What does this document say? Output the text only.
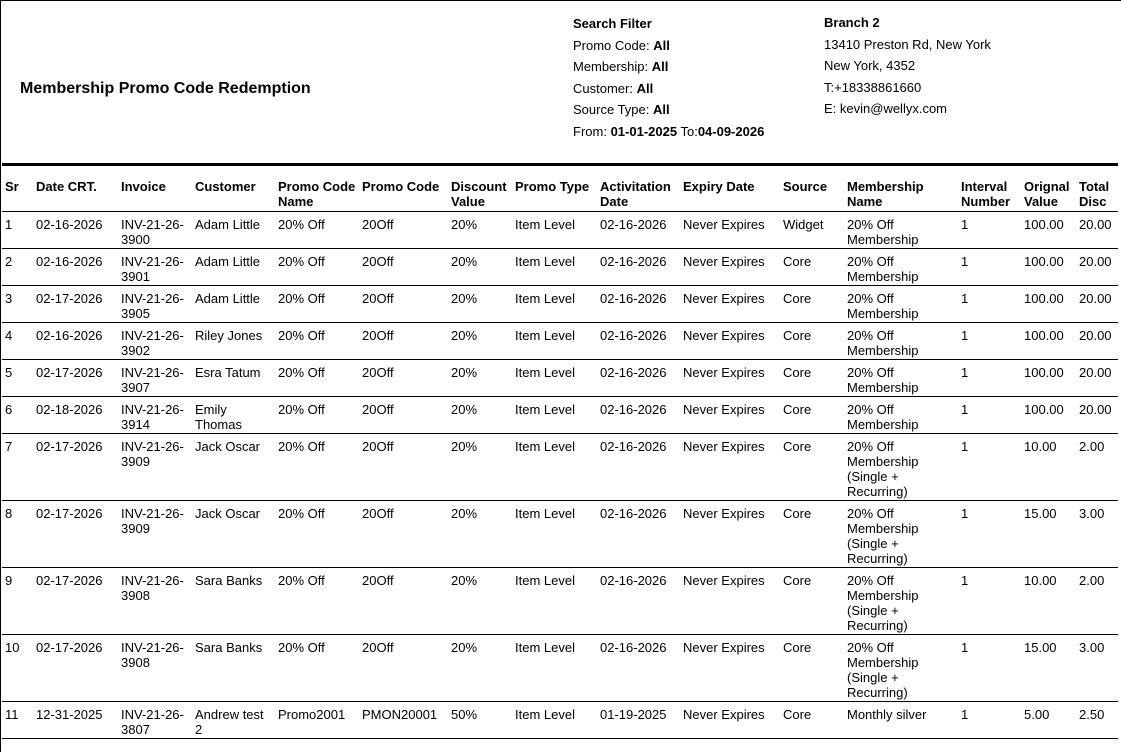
Membership Promo Code Redemption
Search Filter
Promo Code: All
Membership: All
Customer: All
Source Type: All
From: 01-01-2025 To:04-09-2026
Branch 2
13410 Preston Rd, New York
New York, 4352
T:+18338861660
E: kevin@wellyx.com
Sr	Date CRT.	Invoice	Customer	Promo Code Name	Promo Code	Discount Value	Promo Type	Activitation Date	Expiry Date	Source	Membership Name	Interval Number	Orignal Value	Total Disc
1	02-16-2026	INV-21-26-3900	Adam Little	20% Off	20Off	20%	Item Level	02-16-2026	Never Expires	Widget	20% Off Membership	1	100.00	20.00
2	02-16-2026	INV-21-26-3901	Adam Little	20% Off	20Off	20%	Item Level	02-16-2026	Never Expires	Core	20% Off Membership	1	100.00	20.00
3	02-17-2026	INV-21-26-3905	Adam Little	20% Off	20Off	20%	Item Level	02-16-2026	Never Expires	Core	20% Off Membership	1	100.00	20.00
4	02-16-2026	INV-21-26-3902	Riley Jones	20% Off	20Off	20%	Item Level	02-16-2026	Never Expires	Core	20% Off Membership	1	100.00	20.00
5	02-17-2026	INV-21-26-3907	Esra Tatum	20% Off	20Off	20%	Item Level	02-16-2026	Never Expires	Core	20% Off Membership	1	100.00	20.00
6	02-18-2026	INV-21-26-3914	Emily Thomas	20% Off	20Off	20%	Item Level	02-16-2026	Never Expires	Core	20% Off Membership	1	100.00	20.00
7	02-17-2026	INV-21-26-3909	Jack Oscar	20% Off	20Off	20%	Item Level	02-16-2026	Never Expires	Core	20% Off Membership (Single + Recurring)	1	10.00	2.00
8	02-17-2026	INV-21-26-3909	Jack Oscar	20% Off	20Off	20%	Item Level	02-16-2026	Never Expires	Core	20% Off Membership (Single + Recurring)	1	15.00	3.00
9	02-17-2026	INV-21-26-3908	Sara Banks	20% Off	20Off	20%	Item Level	02-16-2026	Never Expires	Core	20% Off Membership (Single + Recurring)	1	10.00	2.00
10	02-17-2026	INV-21-26-3908	Sara Banks	20% Off	20Off	20%	Item Level	02-16-2026	Never Expires	Core	20% Off Membership (Single + Recurring)	1	15.00	3.00
11	12-31-2025	INV-21-26-3807	Andrew test 2	Promo2001	PMON20001	50%	Item Level	01-19-2025	Never Expires	Core	Monthly silver	1	5.00	2.50
